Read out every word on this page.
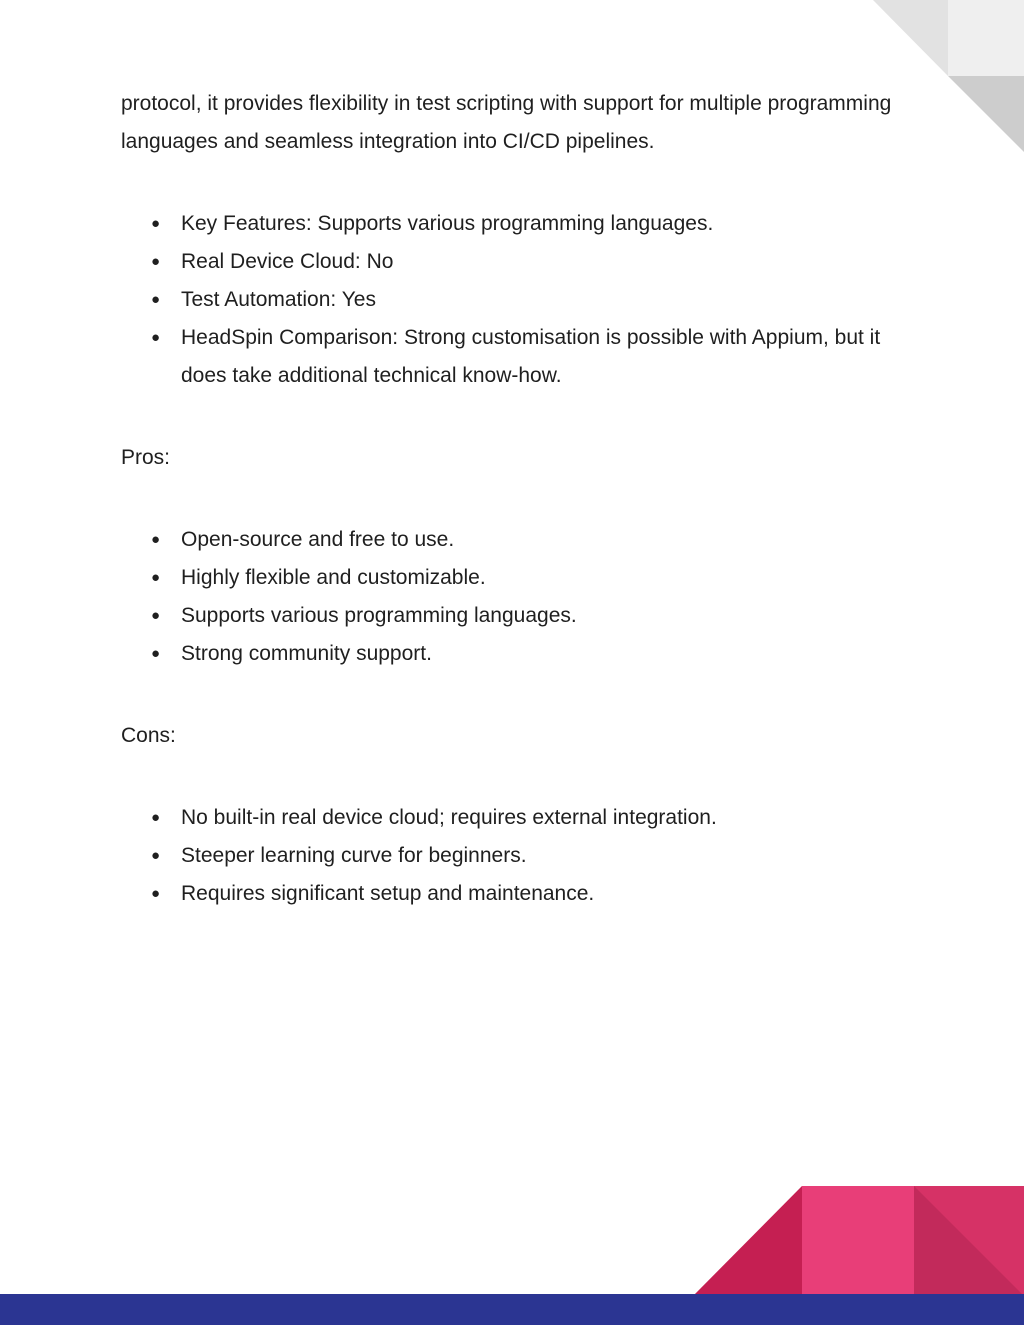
protocol, it provides flexibility in test scripting with support for multiple programming languages and seamless integration into CI/CD pipelines.

● Key Features: Supports various programming languages.
● Real Device Cloud: No
● Test Automation: Yes
● HeadSpin Comparison: Strong customisation is possible with Appium, but it does take additional technical know-how.

Pros:

● Open-source and free to use.
● Highly flexible and customizable.
● Supports various programming languages.
● Strong community support.

Cons:

● No built-in real device cloud; requires external integration.
● Steeper learning curve for beginners.
● Requires significant setup and maintenance.
